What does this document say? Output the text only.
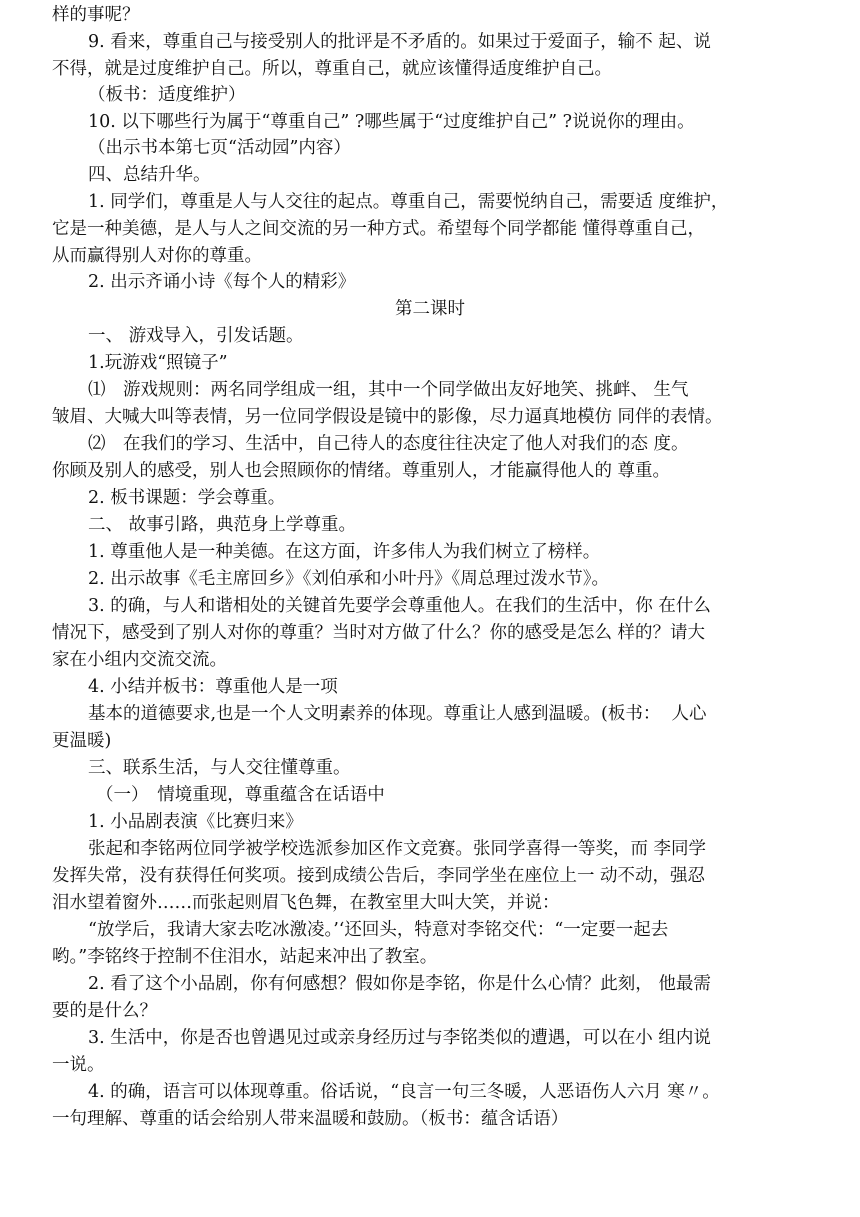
样的事呢？
9. 看来，尊重自己与接受别人的批评是不矛盾的。如果过于爱面子，输不 起、说
不得，就是过度维护自己。所以，尊重自己，就应该懂得适度维护自己。
（板书：适度维护）
10. 以下哪些行为属于“尊重自己” ?哪些属于“过度维护自己” ?说说你的理由。
（出示书本第七页“活动园”内容）
四、总结升华。
1. 同学们，尊重是人与人交往的起点。尊重自己，需要悦纳自己，需要适 度维护，
它是一种美德，是人与人之间交流的另一种方式。希望每个同学都能 懂得尊重自己，
从而赢得别人对你的尊重。
2. 出示齐诵小诗《每个人的精彩》
第二课时
一、 游戏导入，引发话题。
1.玩游戏“照镜子”
⑴　游戏规则：两名同学组成一组，其中一个同学做出友好地笑、挑衅、 生气
皱眉、大喊大叫等表情，另一位同学假设是镜中的影像，尽力逼真地模仿 同伴的表情。
⑵　在我们的学习、生活中，自己待人的态度往往决定了他人对我们的态 度。
你顾及别人的感受，别人也会照顾你的情绪。尊重别人，才能赢得他人的 尊重。
2. 板书课题：学会尊重。
二、 故事引路，典范身上学尊重。
1. 尊重他人是一种美德。在这方面，许多伟人为我们树立了榜样。
2. 出示故事《毛主席回乡》《刘伯承和小叶丹》《周总理过泼水节》。
3. 的确，与人和谐相处的关键首先要学会尊重他人。在我们的生活中，你 在什么
情况下，感受到了别人对你的尊重？当时对方做了什么？你的感受是怎么 样的？请大
家在小组内交流交流。
4. 小结并板书：尊重他人是一项
基本的道德要求,也是一个人文明素养的体现。尊重让人感到温暖。(板书：  人心
更温暖)
三、联系生活，与人交往懂尊重。
（一）　情境重现，尊重蕴含在话语中
1. 小品剧表演《比赛归来》
张起和李铭两位同学被学校选派参加区作文竞赛。张同学喜得一等奖，而 李同学
发挥失常，没有获得任何奖项。接到成绩公告后，李同学坐在座位上一 动不动，强忍
泪水望着窗外……而张起则眉飞色舞，在教室里大叫大笑，并说：
“放学后，我请大家去吃冰激凌。’‘还回头，特意对李铭交代：“一定要一起去
哟。”李铭终于控制不住泪水，站起来冲出了教室。
2. 看了这个小品剧，你有何感想？假如你是李铭，你是什么心情？此刻， 他最需
要的是什么？
3. 生活中，你是否也曾遇见过或亲身经历过与李铭类似的遭遇，可以在小 组内说
一说。
4. 的确，语言可以体现尊重。俗话说，“良言一句三冬暖，人恶语伤人六月 寒〃。
一句理解、尊重的话会给别人带来温暖和鼓励。（板书：蕴含话语）
